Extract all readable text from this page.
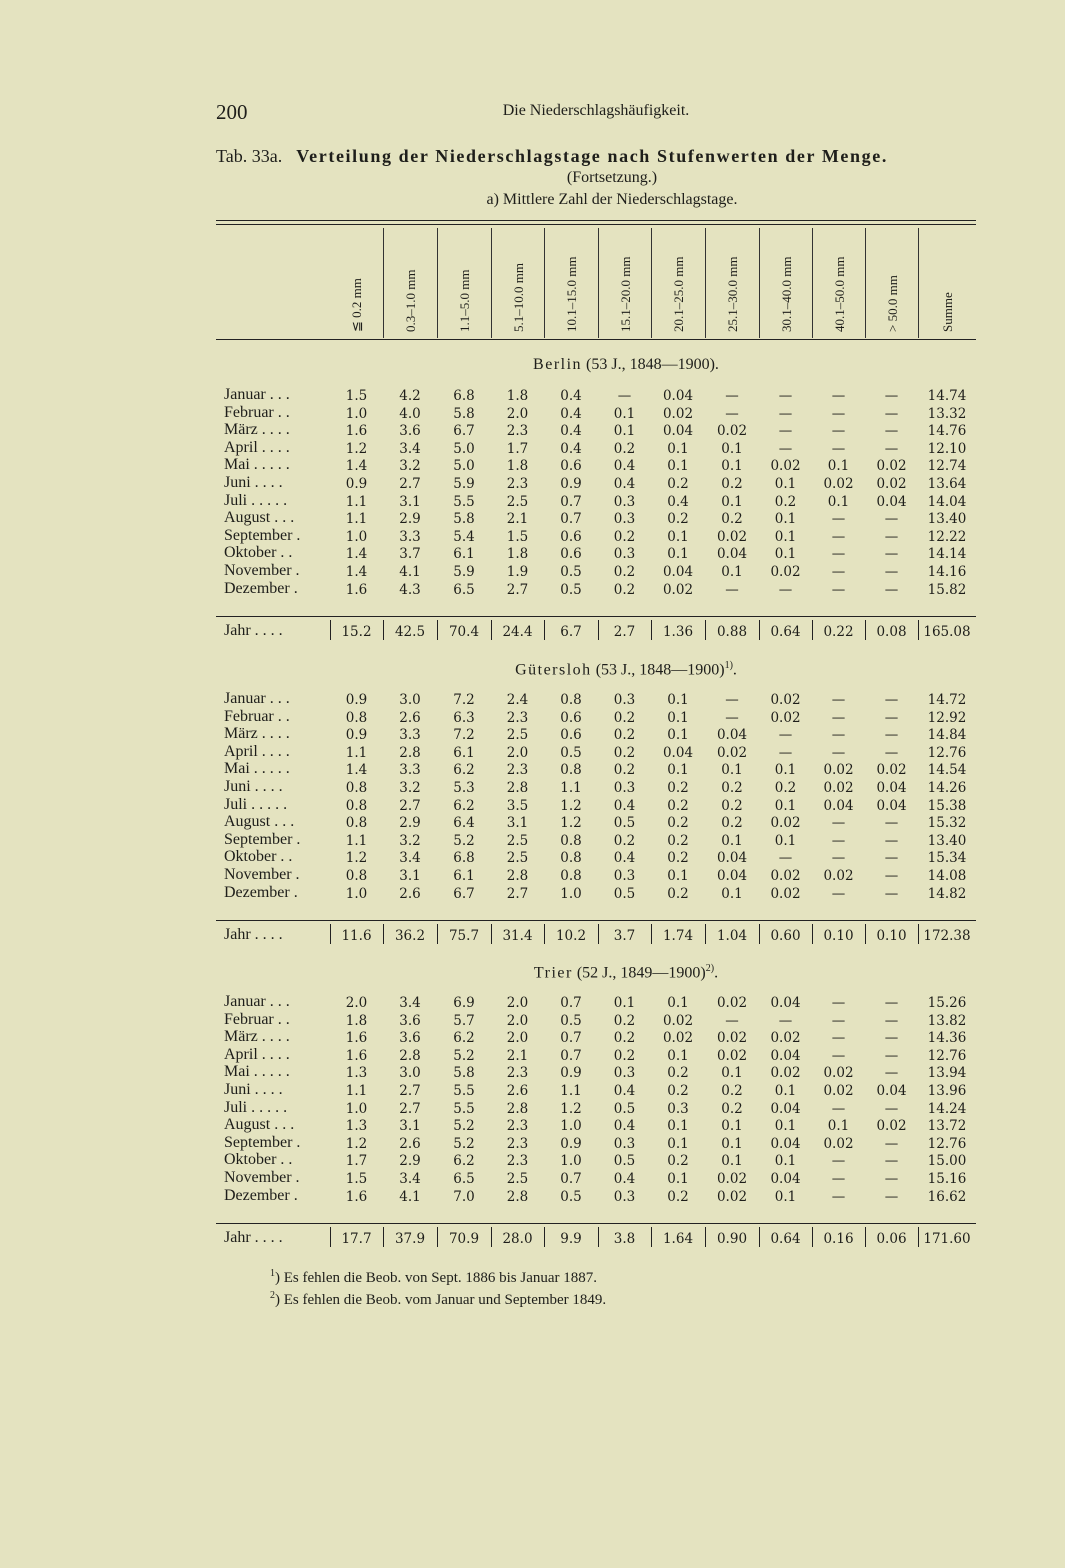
200	Die Niederschlagshäufigkeit.
Tab. 33a. Verteilung der Niederschlagstage nach Stufenwerten der Menge.
(Fortsetzung.)
a) Mittlere Zahl der Niederschlagstage.
≦ 0.2 mm	0.3–1.0 mm	1.1–5.0 mm	5.1–10.0 mm	10.1–15.0 mm	15.1–20.0 mm	20.1–25.0 mm	25.1–30.0 mm	30.1–40.0 mm	40.1–50.0 mm	> 50.0 mm	Summe
Berlin (53 J., 1848—1900).
Januar . . .	1.5	4.2	6.8	1.8	0.4	—	0.04	—	—	—	—	14.74
Februar . .	1.0	4.0	5.8	2.0	0.4	0.1	0.02	—	—	—	—	13.32
März . . . .	1.6	3.6	6.7	2.3	0.4	0.1	0.04	0.02	—	—	—	14.76
April . . . .	1.2	3.4	5.0	1.7	0.4	0.2	0.1	0.1	—	—	—	12.10
Mai . . . . .	1.4	3.2	5.0	1.8	0.6	0.4	0.1	0.1	0.02	0.1	0.02	12.74
Juni . . . .	0.9	2.7	5.9	2.3	0.9	0.4	0.2	0.2	0.1	0.02	0.02	13.64
Juli . . . . .	1.1	3.1	5.5	2.5	0.7	0.3	0.4	0.1	0.2	0.1	0.04	14.04
August . . .	1.1	2.9	5.8	2.1	0.7	0.3	0.2	0.2	0.1	—	—	13.40
September .	1.0	3.3	5.4	1.5	0.6	0.2	0.1	0.02	0.1	—	—	12.22
Oktober . .	1.4	3.7	6.1	1.8	0.6	0.3	0.1	0.04	0.1	—	—	14.14
November .	1.4	4.1	5.9	1.9	0.5	0.2	0.04	0.1	0.02	—	—	14.16
Dezember .	1.6	4.3	6.5	2.7	0.5	0.2	0.02	—	—	—	—	15.82
Jahr . . . .	15.2	42.5	70.4	24.4	6.7	2.7	1.36	0.88	0.64	0.22	0.08	165.08
Gütersloh (53 J., 1848—1900)$^{1)}$.
Januar . . .	0.9	3.0	7.2	2.4	0.8	0.3	0.1	—	0.02	—	—	14.72
Februar . .	0.8	2.6	6.3	2.3	0.6	0.2	0.1	—	0.02	—	—	12.92
März . . . .	0.9	3.3	7.2	2.5	0.6	0.2	0.1	0.04	—	—	—	14.84
April . . . .	1.1	2.8	6.1	2.0	0.5	0.2	0.04	0.02	—	—	—	12.76
Mai . . . . .	1.4	3.3	6.2	2.3	0.8	0.2	0.1	0.1	0.1	0.02	0.02	14.54
Juni . . . .	0.8	3.2	5.3	2.8	1.1	0.3	0.2	0.2	0.2	0.02	0.04	14.26
Juli . . . . .	0.8	2.7	6.2	3.5	1.2	0.4	0.2	0.2	0.1	0.04	0.04	15.38
August . . .	0.8	2.9	6.4	3.1	1.2	0.5	0.2	0.2	0.02	—	—	15.32
September .	1.1	3.2	5.2	2.5	0.8	0.2	0.2	0.1	0.1	—	—	13.40
Oktober . .	1.2	3.4	6.8	2.5	0.8	0.4	0.2	0.04	—	—	—	15.34
November .	0.8	3.1	6.1	2.8	0.8	0.3	0.1	0.04	0.02	0.02	—	14.08
Dezember .	1.0	2.6	6.7	2.7	1.0	0.5	0.2	0.1	0.02	—	—	14.82
Jahr . . . .	11.6	36.2	75.7	31.4	10.2	3.7	1.74	1.04	0.60	0.10	0.10	172.38
Trier (52 J., 1849—1900)$^{2)}$.
Januar . . .	2.0	3.4	6.9	2.0	0.7	0.1	0.1	0.02	0.04	—	—	15.26
Februar . .	1.8	3.6	5.7	2.0	0.5	0.2	0.02	—	—	—	—	13.82
März . . . .	1.6	3.6	6.2	2.0	0.7	0.2	0.02	0.02	0.02	—	—	14.36
April . . . .	1.6	2.8	5.2	2.1	0.7	0.2	0.1	0.02	0.04	—	—	12.76
Mai . . . . .	1.3	3.0	5.8	2.3	0.9	0.3	0.2	0.1	0.02	0.02	—	13.94
Juni . . . .	1.1	2.7	5.5	2.6	1.1	0.4	0.2	0.2	0.1	0.02	0.04	13.96
Juli . . . . .	1.0	2.7	5.5	2.8	1.2	0.5	0.3	0.2	0.04	—	—	14.24
August . . .	1.3	3.1	5.2	2.3	1.0	0.4	0.1	0.1	0.1	0.1	0.02	13.72
September .	1.2	2.6	5.2	2.3	0.9	0.3	0.1	0.1	0.04	0.02	—	12.76
Oktober . .	1.7	2.9	6.2	2.3	1.0	0.5	0.2	0.1	0.1	—	—	15.00
November .	1.5	3.4	6.5	2.5	0.7	0.4	0.1	0.02	0.04	—	—	15.16
Dezember .	1.6	4.1	7.0	2.8	0.5	0.3	0.2	0.02	0.1	—	—	16.62
Jahr . . . .	17.7	37.9	70.9	28.0	9.9	3.8	1.64	0.90	0.64	0.16	0.06	171.60
$^1$) Es fehlen die Beob. von Sept. 1886 bis Januar 1887.
$^2$) Es fehlen die Beob. vom Januar und September 1849.
